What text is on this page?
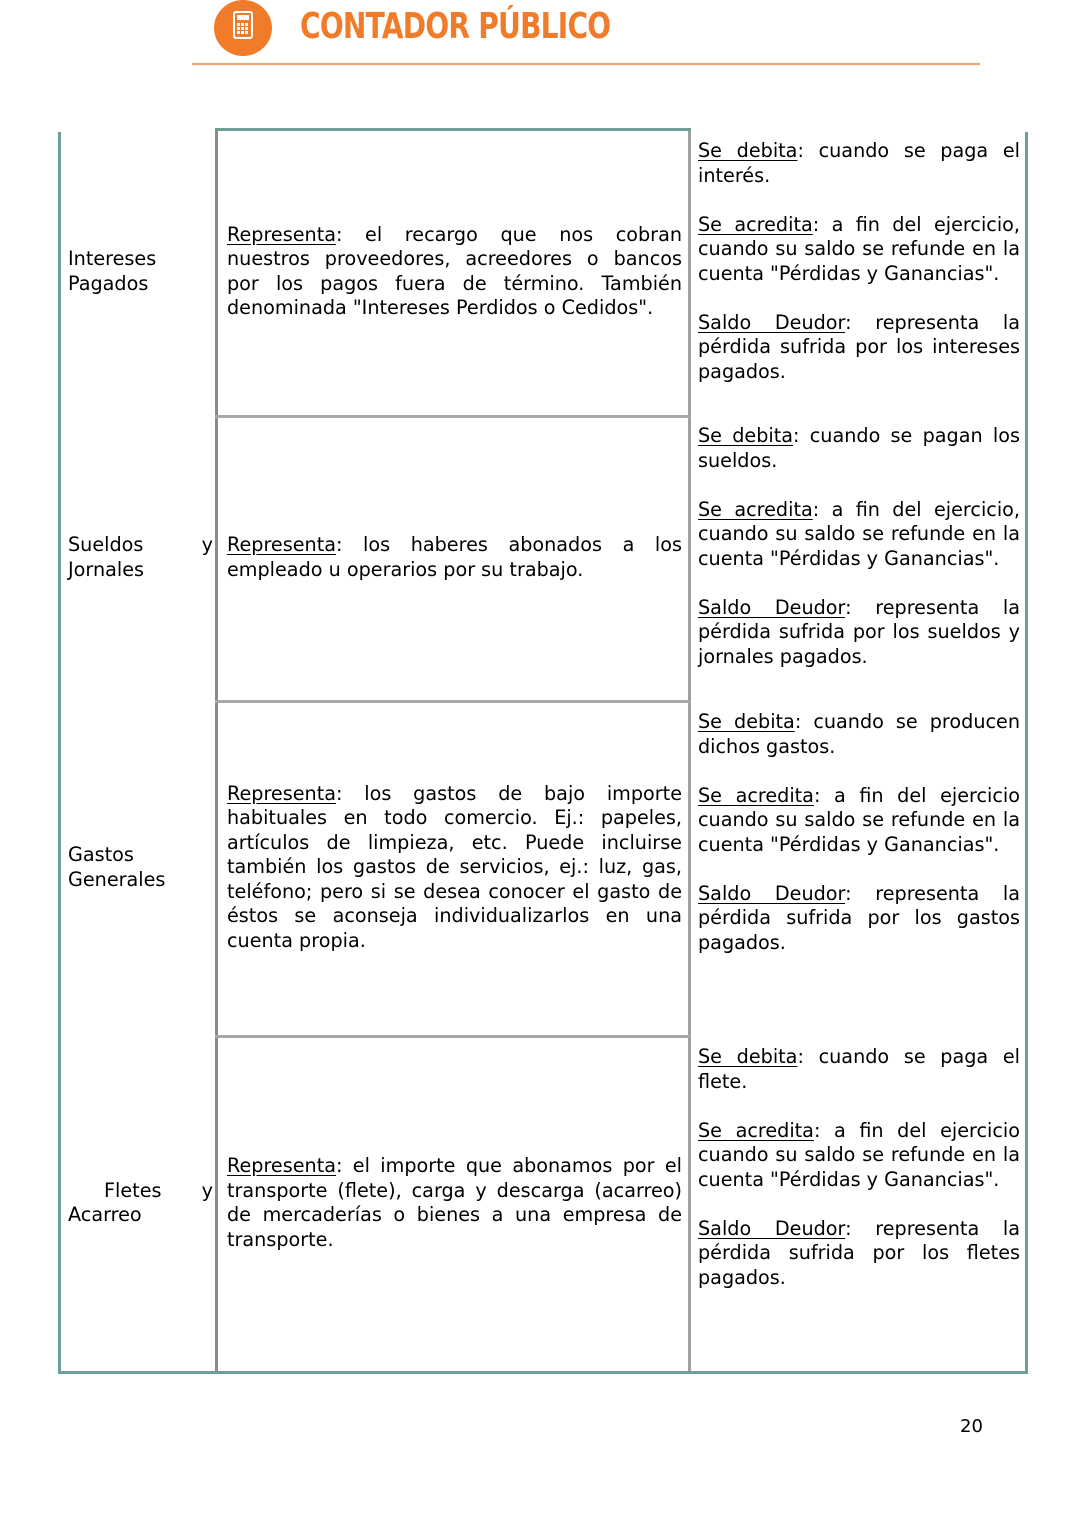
CONTADOR PÚBLICO

Intereses Pagados

Representa: el recargo que nos cobran nuestros proveedores, acreedores o bancos por los pagos fuera de término. También denominada "Intereses Perdidos o Cedidos".

Se debita: cuando se paga el interés.

Se acredita: a fin del ejercicio, cuando su saldo se refunde en la cuenta "Pérdidas y Ganancias".

Saldo Deudor: representa la pérdida sufrida por los intereses pagados.

Sueldos y Jornales

Representa: los haberes abonados a los empleado u operarios por su trabajo.

Se debita: cuando se pagan los sueldos.

Se acredita: a fin del ejercicio, cuando su saldo se refunde en la cuenta "Pérdidas y Ganancias".

Saldo Deudor: representa la pérdida sufrida por los sueldos y jornales pagados.

Gastos Generales

Representa: los gastos de bajo importe habituales en todo comercio. Ej.: papeles, artículos de limpieza, etc. Puede incluirse también los gastos de servicios, ej.: luz, gas, teléfono; pero si se desea conocer el gasto de éstos se aconseja individualizarlos en una cuenta propia.

Se debita: cuando se producen dichos gastos.

Se acredita: a fin del ejercicio cuando su saldo se refunde en la cuenta "Pérdidas y Ganancias".

Saldo Deudor: representa la pérdida sufrida por los gastos pagados.

Fletes y Acarreo

Representa: el importe que abonamos por el transporte (flete), carga y descarga (acarreo) de mercaderías o bienes a una empresa de transporte.

Se debita: cuando se paga el flete.

Se acredita: a fin del ejercicio cuando su saldo se refunde en la cuenta "Pérdidas y Ganancias".

Saldo Deudor: representa la pérdida sufrida por los fletes pagados.

20
